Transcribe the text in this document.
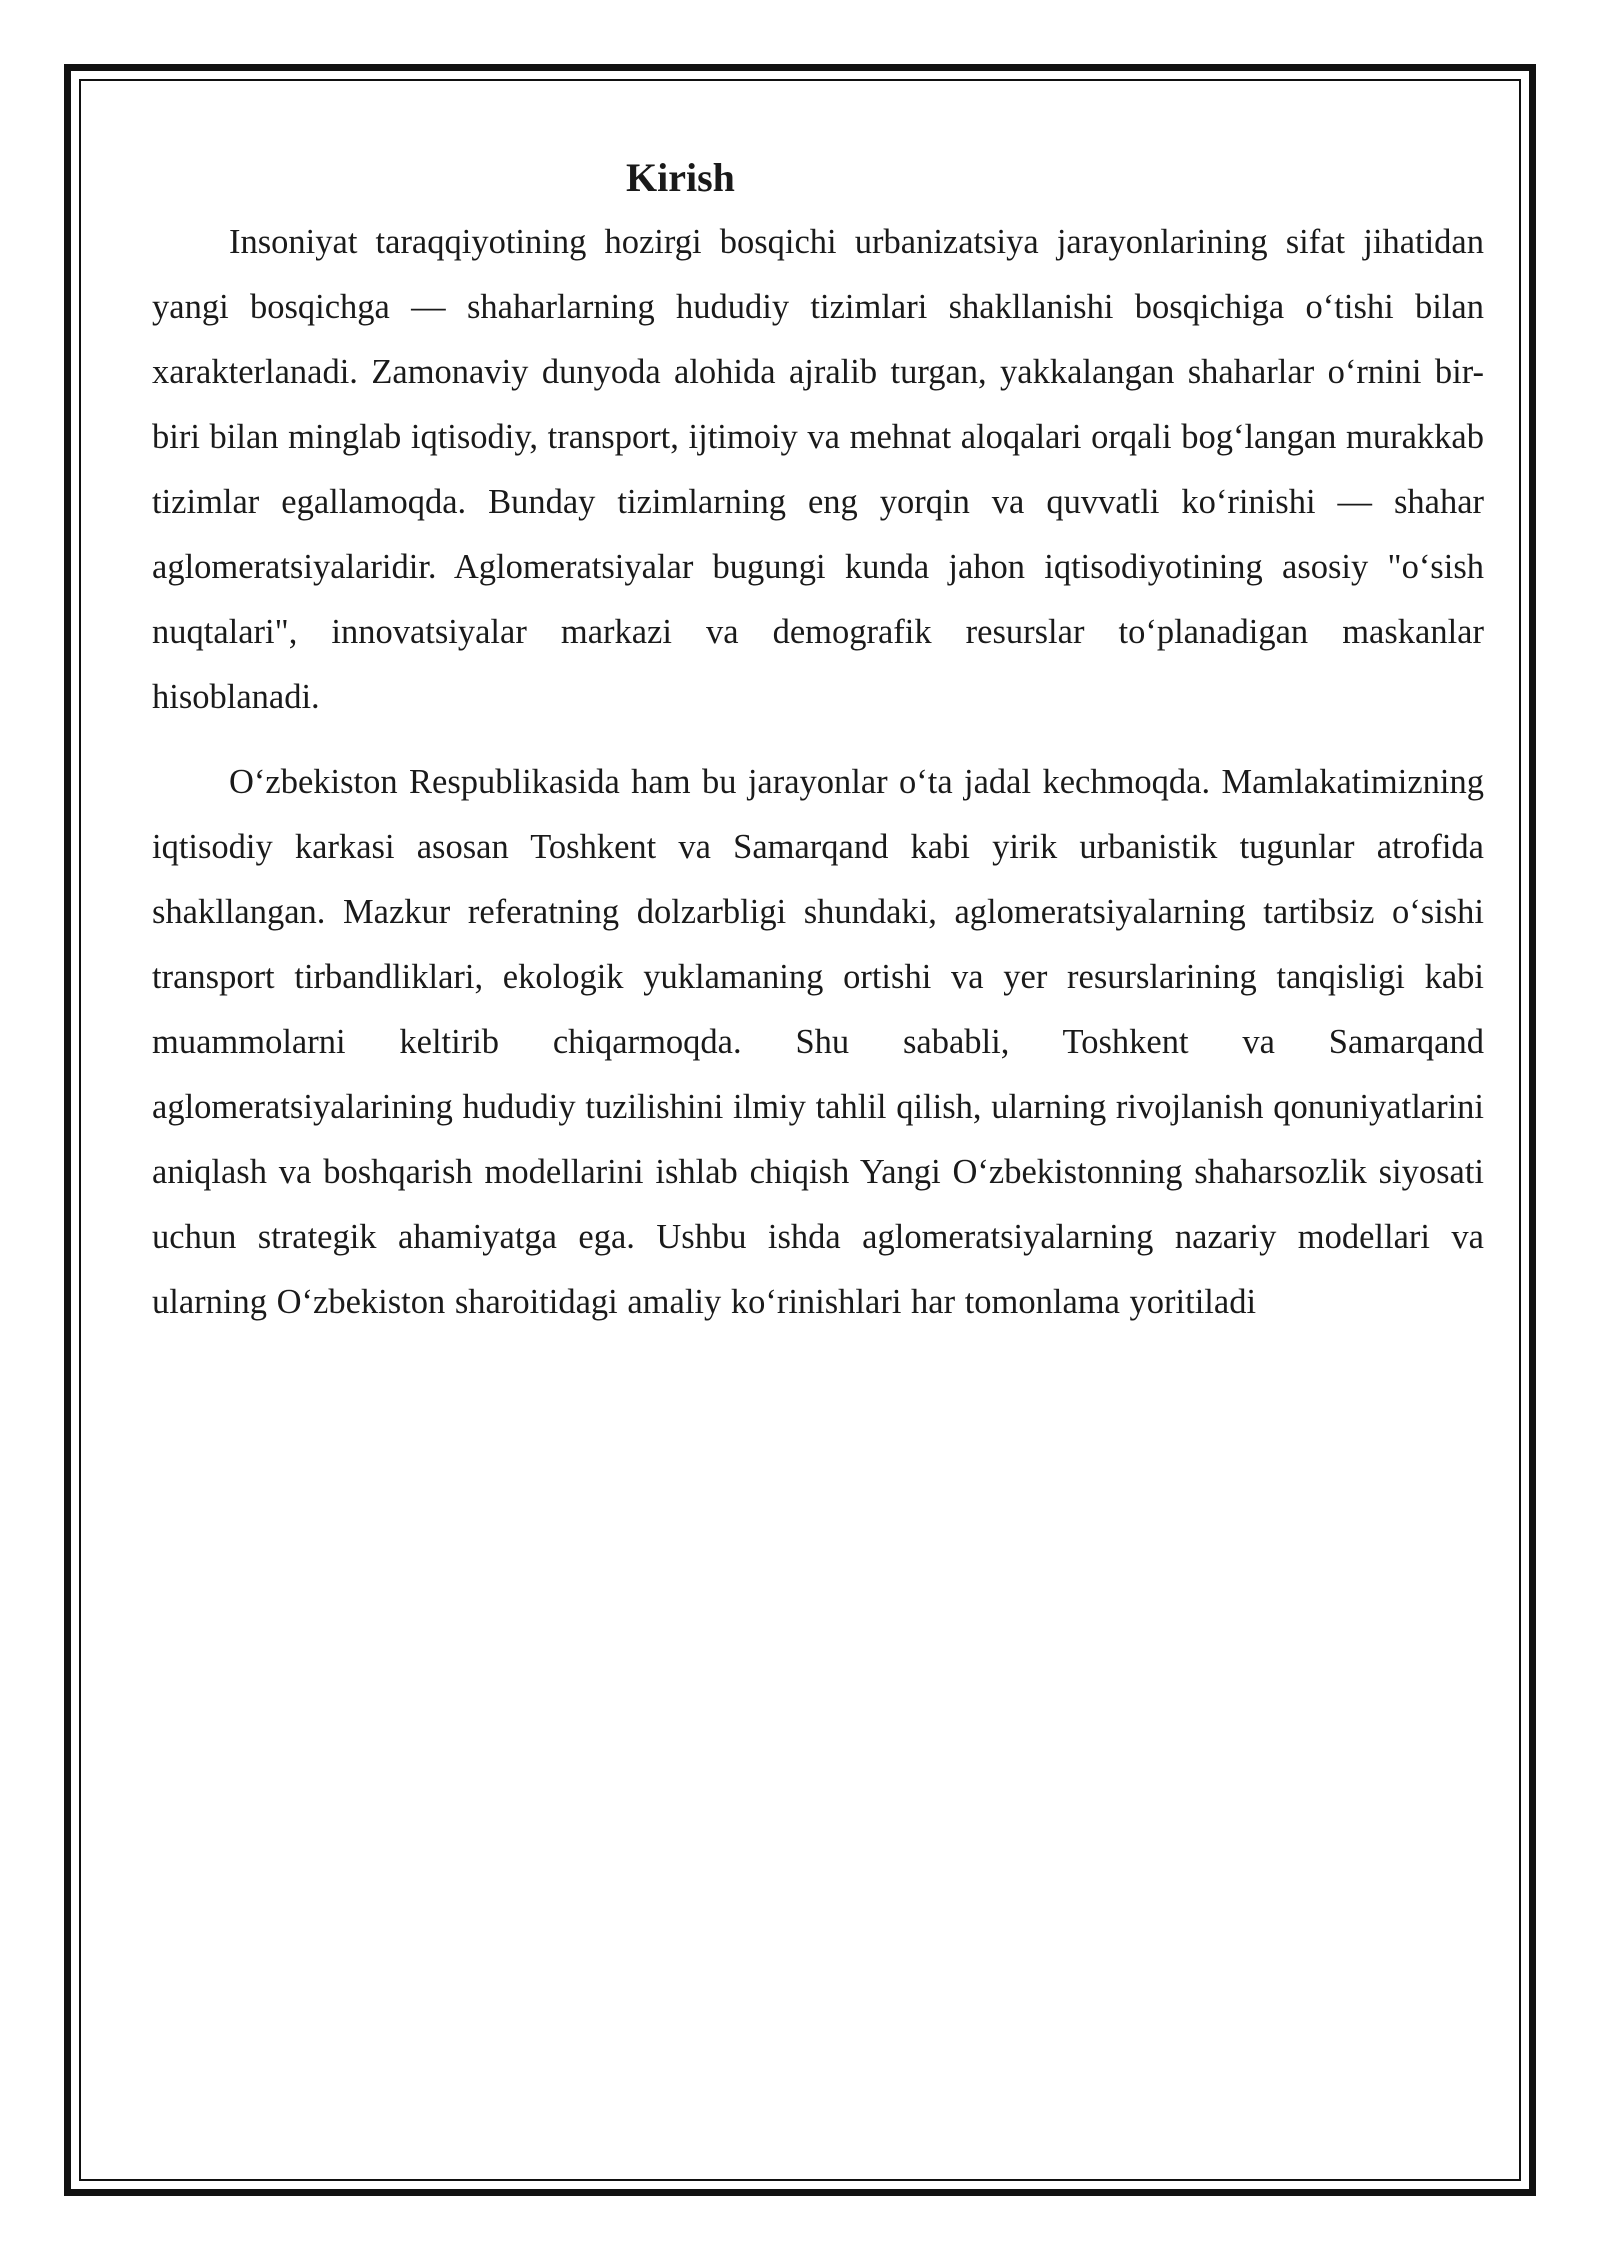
Kirish

Insoniyat taraqqiyotining hozirgi bosqichi urbanizatsiya jarayonlarining sifat jihatidan yangi bosqichga — shaharlarning hududiy tizimlari shakllanishi bosqichiga o‘tishi bilan xarakterlanadi. Zamonaviy dunyoda alohida ajralib turgan, yakkalangan shaharlar o‘rnini bir-biri bilan minglab iqtisodiy, transport, ijtimoiy va mehnat aloqalari orqali bog‘langan murakkab tizimlar egallamoqda. Bunday tizimlarning eng yorqin va quvvatli ko‘rinishi — shahar aglomeratsiyalaridir. Aglomeratsiyalar bugungi kunda jahon iqtisodiyotining asosiy "o‘sish nuqtalari", innovatsiyalar markazi va demografik resurslar to‘planadigan maskanlar hisoblanadi.

O‘zbekiston Respublikasida ham bu jarayonlar o‘ta jadal kechmoqda. Mamlakatimizning iqtisodiy karkasi asosan Toshkent va Samarqand kabi yirik urbanistik tugunlar atrofida shakllangan. Mazkur referatning dolzarbligi shundaki, aglomeratsiyalarning tartibsiz o‘sishi transport tirbandliklari, ekologik yuklamaning ortishi va yer resurslarining tanqisligi kabi muammolarni keltirib chiqarmoqda. Shu sababli, Toshkent va Samarqand aglomeratsiyalarining hududiy tuzilishini ilmiy tahlil qilish, ularning rivojlanish qonuniyatlarini aniqlash va boshqarish modellarini ishlab chiqish Yangi O‘zbekistonning shaharsozlik siyosati uchun strategik ahamiyatga ega. Ushbu ishda aglomeratsiyalarning nazariy modellari va ularning O‘zbekiston sharoitidagi amaliy ko‘rinishlari har tomonlama yoritiladi
